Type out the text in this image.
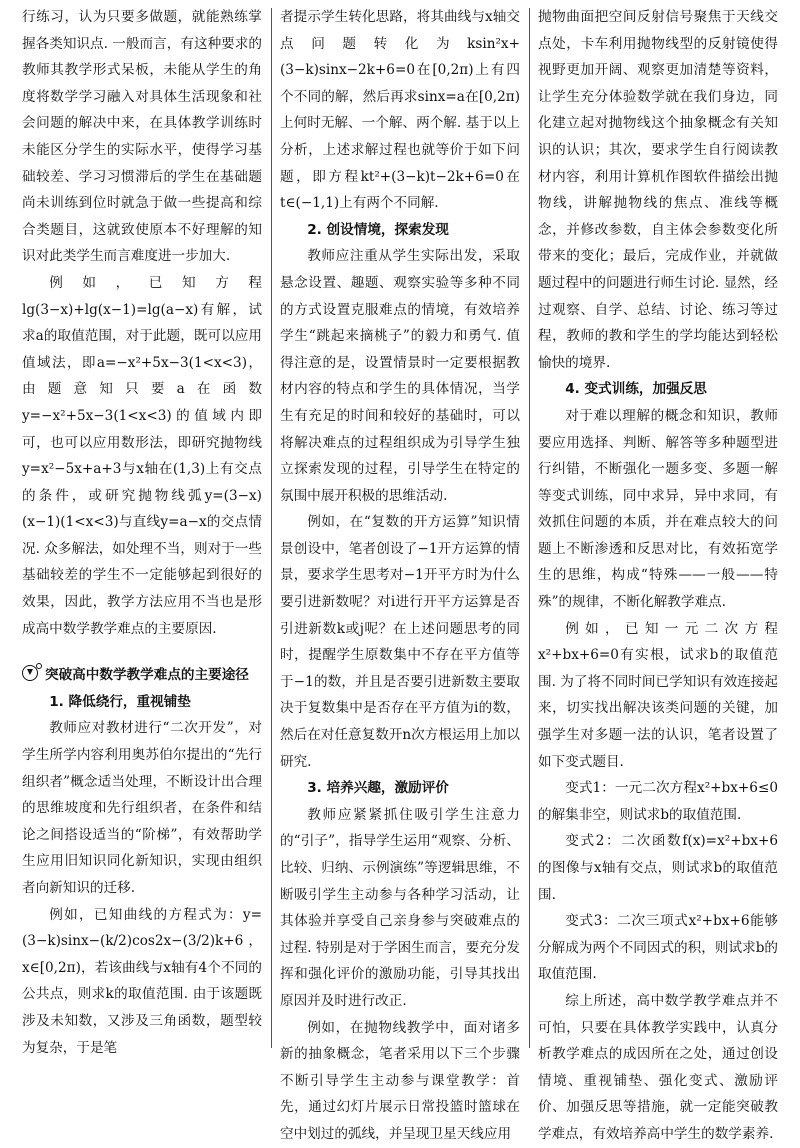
行练习，认为只要多做题，就能熟练掌握各类知识点. 一般而言，有这种要求的教师其教学形式呆板，未能从学生的角度将数学学习融入对具体生活现象和社会问题的解决中来，在具体教学训练时未能区分学生的实际水平，使得学习基础较差、学习习惯滞后的学生在基础题尚未训练到位时就急于做一些提高和综合类题目，这就致使原本不好理解的知识对此类学生而言难度进一步加大.

例如，已知方程lg(3−x)+lg(x−1)=lg(a−x)有解，试求a的取值范围，对于此题，既可以应用值域法，即a=−x²+5x−3(1<x<3)，由题意知只要a在函数y=−x²+5x−3(1<x<3)的值域内即可，也可以应用数形法，即研究抛物线y=x²−5x+a+3与x轴在(1,3)上有交点的条件，或研究抛物线弧y=(3−x)(x−1)(1<x<3)与直线y=a−x的交点情况. 众多解法，如处理不当，则对于一些基础较差的学生不一定能够起到很好的效果，因此，教学方法应用不当也是形成高中数学教学难点的主要原因.

突破高中数学教学难点的主要途径

1. 降低绕行，重视铺垫

教师应对教材进行“二次开发”，对学生所学内容利用奥苏伯尔提出的“先行组织者”概念适当处理，不断设计出合理的思维坡度和先行组织者，在条件和结论之间搭设适当的“阶梯”，有效帮助学生应用旧知识同化新知识，实现由组织者向新知识的迁移.

例如，已知曲线的方程式为：y=(3−k)sinx−(k/2)cos2x−(3/2)k+6，x∈[0,2π)，若该曲线与x轴有4个不同的公共点，则求k的取值范围. 由于该题既涉及未知数，又涉及三角函数，题型较为复杂，于是笔

者提示学生转化思路，将其曲线与x轴交点问题转化为ksin²x+(3−k)sinx−2k+6=0在[0,2π)上有四个不同的解，然后再求sinx=a在[0,2π)上何时无解、一个解、两个解. 基于以上分析，上述求解过程也就等价于如下问题，即方程kt²+(3−k)t−2k+6=0在t∈(−1,1)上有两个不同解.

2. 创设情境，探索发现

教师应注重从学生实际出发，采取悬念设置、趣题、观察实验等多种不同的方式设置克服难点的情境，有效培养学生“跳起来摘桃子”的毅力和勇气. 值得注意的是，设置情景时一定要根据教材内容的特点和学生的具体情况，当学生有充足的时间和较好的基础时，可以将解决难点的过程组织成为引导学生独立探索发现的过程，引导学生在特定的氛围中展开积极的思维活动.

例如，在“复数的开方运算”知识情景创设中，笔者创设了−1开方运算的情景，要求学生思考对−1开平方时为什么要引进新数呢？对i进行开平方运算是否引进新数k或j呢？在上述问题思考的同时，提醒学生原数集中不存在平方值等于−1的数，并且是否要引进新数主要取决于复数集中是否存在平方值为i的数，然后在对任意复数开n次方根运用上加以研究.

3. 培养兴趣，激励评价

教师应紧紧抓住吸引学生注意力的“引子”，指导学生运用“观察、分析、比较、归纳、示例演练”等逻辑思维，不断吸引学生主动参与各种学习活动，让其体验并享受自己亲身参与突破难点的过程. 特别是对于学困生而言，要充分发挥和强化评价的激励功能，引导其找出原因并及时进行改正.

例如，在抛物线教学中，面对诸多新的抽象概念，笔者采用以下三个步骤不断引导学生主动参与课堂教学：首先，通过幻灯片展示日常投篮时篮球在空中划过的弧线，并呈现卫星天线应用

抛物曲面把空间反射信号聚焦于天线交点处，卡车利用抛物线型的反射镜使得视野更加开阔、观察更加清楚等资料，让学生充分体验数学就在我们身边，同化建立起对抛物线这个抽象概念有关知识的认识；其次，要求学生自行阅读教材内容，利用计算机作图软件描绘出抛物线，讲解抛物线的焦点、准线等概念，并修改参数，自主体会参数变化所带来的变化；最后，完成作业，并就做题过程中的问题进行师生讨论. 显然，经过观察、自学、总结、讨论、练习等过程，教师的教和学生的学均能达到轻松愉快的境界.

4. 变式训练，加强反思

对于难以理解的概念和知识，教师要应用选择、判断、解答等多种题型进行纠错，不断强化一题多变、多题一解等变式训练，同中求异，异中求同，有效抓住问题的本质，并在难点较大的问题上不断渗透和反思对比，有效拓宽学生的思维，构成“特殊——一般——特殊”的规律，不断化解教学难点.

例如，已知一元二次方程x²+bx+6=0有实根，试求b的取值范围. 为了将不同时间已学知识有效连接起来，切实找出解决该类问题的关键，加强学生对多题一法的认识，笔者设置了如下变式题目.

变式1：一元二次方程x²+bx+6≤0的解集非空，则试求b的取值范围.

变式2：二次函数f(x)=x²+bx+6的图像与x轴有交点，则试求b的取值范围.

变式3：二次三项式x²+bx+6能够分解成为两个不同因式的积，则试求b的取值范围.

综上所述，高中数学教学难点并不可怕，只要在具体教学实践中，认真分析教学难点的成因所在之处，通过创设情境、重视铺垫、强化变式、激励评价、加强反思等措施，就一定能突破教学难点，有效培养高中学生的数学素养.
